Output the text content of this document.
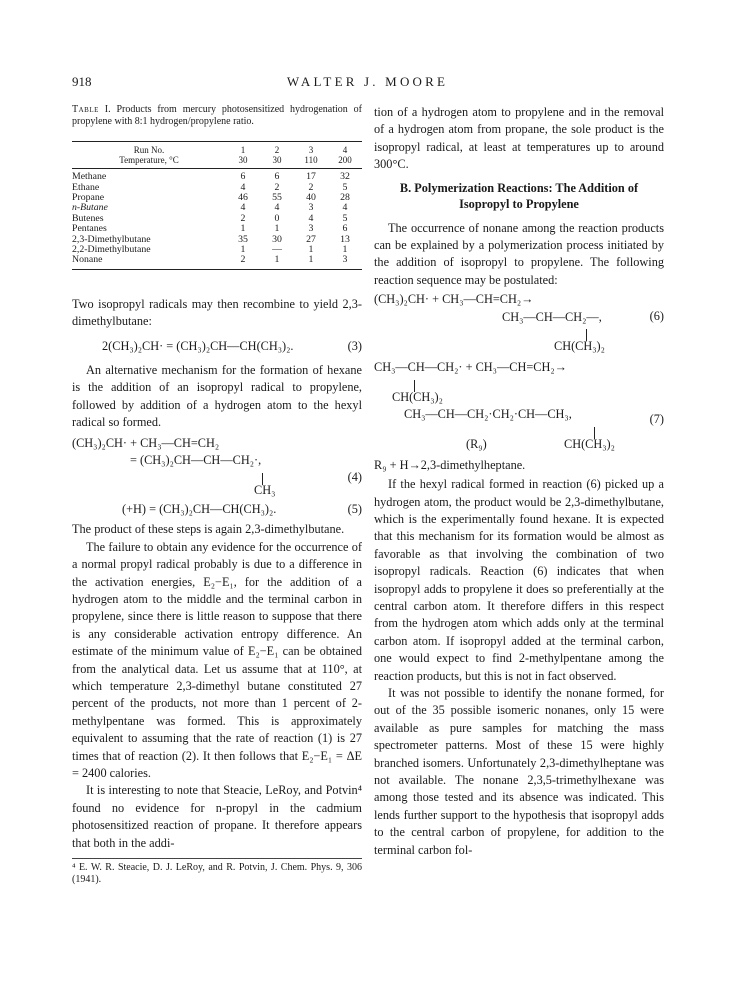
918	WALTER J. MOORE

Table I. Products from mercury photosensitized hydrogenation of propylene with 8:1 hydrogen/propylene ratio.

Run No.	1	2	3	4
Temperature, °C	30	30	110	200
Methane	6	6	17	32
Ethane	4	2	2	5
Propane	46	55	40	28
n-Butane	4	4	3	4
Butenes	2	0	4	5
Pentanes	1	1	3	6
2,3-Dimethylbutane	35	30	27	13
2,2-Dimethylbutane	1	—	1	1
Nonane	2	1	1	3

Two isopropyl radicals may then recombine to yield 2,3-dimethylbutane:

2(CH₃)₂CH· = (CH₃)₂CH—CH(CH₃)₂.	(3)

An alternative mechanism for the formation of hexane is the addition of an isopropyl radical to propylene, followed by addition of a hydrogen atom to the hexyl radical so formed.

(CH₃)₂CH· + CH₃—CH=CH₂
= (CH₃)₂CH—CH—CH₂·,
CH₃
(4)
(+H) = (CH₃)₂CH—CH(CH₃)₂.	(5)

The product of these steps is again 2,3-dimethylbutane.

The failure to obtain any evidence for the occurrence of a normal propyl radical probably is due to a difference in the activation energies, E₂−E₁, for the addition of a hydrogen atom to the middle and the terminal carbon in propylene, since there is little reason to suppose that there is any considerable activation entropy difference. An estimate of the minimum value of E₂−E₁ can be obtained from the analytical data. Let us assume that at 110°, at which temperature 2,3-dimethyl butane constituted 27 percent of the products, not more than 1 percent of 2-methylpentane was formed. This is approximately equivalent to assuming that the rate of reaction (1) is 27 times that of reaction (2). It then follows that E₂−E₁ = ΔE = 2400 calories.

It is interesting to note that Steacie, LeRoy, and Potvin⁴ found no evidence for n-propyl in the cadmium photosensitized reaction of propane. It therefore appears that both in the addi-

⁴ E. W. R. Steacie, D. J. LeRoy, and R. Potvin, J. Chem. Phys. 9, 306 (1941).

tion of a hydrogen atom to propylene and in the removal of a hydrogen atom from propane, the sole product is the isopropyl radical, at least at temperatures up to around 300°C.

B. Polymerization Reactions: The Addition of
Isopropyl to Propylene

The occurrence of nonane among the reaction products can be explained by a polymerization process initiated by the addition of isopropyl to propylene. The following reaction sequence may be postulated:

(CH₃)₂CH· + CH₃—CH=CH₂→
CH₃—CH—CH₂—,
CH(CH₃)₂
(6)
CH₃—CH—CH₂· + CH₃—CH=CH₂→
CH(CH₃)₂
CH₃—CH—CH₂·CH₂·CH—CH₃,
(R₉)	CH(CH₃)₂
(7)
R₉ + H→2,3-dimethylheptane.

If the hexyl radical formed in reaction (6) picked up a hydrogen atom, the product would be 2,3-dimethylbutane, which is the experimentally found hexane. It is expected that this mechanism for its formation would be almost as favorable as that involving the combination of two isopropyl radicals. Reaction (6) indicates that when isopropyl adds to propylene it does so preferentially at the central carbon atom. It therefore differs in this respect from the hydrogen atom which adds only at the terminal carbon atom. If isopropyl added at the terminal carbon, one would expect to find 2-methylpentane among the reaction products, but this is not in fact observed.

It was not possible to identify the nonane formed, for out of the 35 possible isomeric nonanes, only 15 were available as pure samples for matching the mass spectrometer patterns. Most of these 15 were highly branched isomers. Unfortunately 2,3-dimethylheptane was not available. The nonane 2,3,5-trimethylhexane was among those tested and its absence was indicated. This lends further support to the hypothesis that isopropyl adds to the central carbon of propylene, for addition to the terminal carbon fol-
